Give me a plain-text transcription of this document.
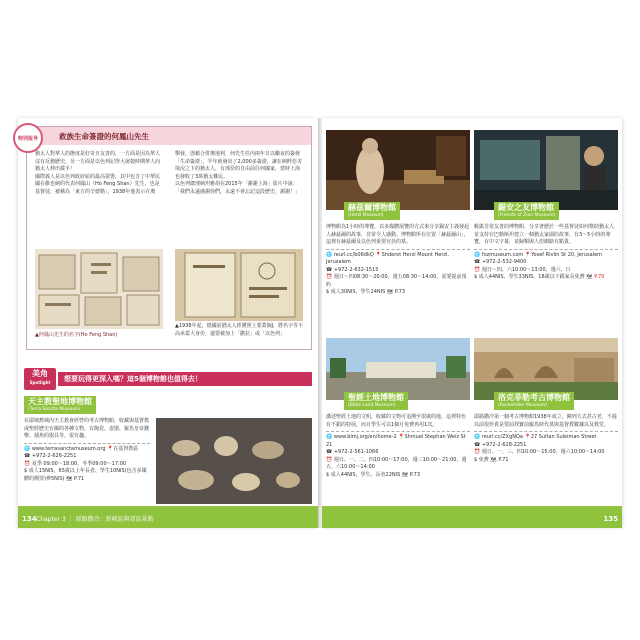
特别报导	救族生命簽證的何鳳山先生
猶太人對華人的態度是好奇且友善的，一方面是因為華人沒有反猶歷史，另一方面是以色列記得大屠殺時期華人向猶太人伸出援手！
國際義人是以色列政府給的最高榮譽，其中包含了中華民國在維也納的代表何鳳山（Ho Feng Shan）先生，也是基督徒，被稱為「東方的辛德勒」，1938年他表示在奧
擊發，憑藉合併奧地利，何先生任內兩年日以繼夜的簽發「生命簽證」，半年就發出了2,000多簽證，讓在納粹惡劣境況之下的猶太人，有部份的自由前往何國家，當時上海也發收了3萬猶太難民。
以色列總理納坦雅胡在2015年「謝謝上海」影片中說：「我們永遠感謝你們，永遠不會忘記這段歷史，謝謝！」
▲何鳳山先生的名字(Ho Feng Shan)
▲1938年起，德國前猶太人經護照上要蓋個J，將名字等不高承蓋大身份，還要被加上「撒拉」或「以色列」
美角
Spotlight	想要玩得更深入嗎？這5個博物館也值得去！
天主教聖地博物館
(Terra Sancta Museum)
在耶城舊城內天主教會經營的考古博物館，收藏與基督教或聖經歷史有關的各種文物，有陶瓷、壺器、羅馬皇帝錢幣、捕魚的器具等，很有趣。
🌐 www.terrasanctamuseum.org 📍在基督教區
☎ +972-2-626-2251
⏰ 夏季 09:00～18:00、冬季09:00～17:00
$ 成人15NIS，65歲以上年長者、學生10NIS(包含多媒體的價票)參5NIS) 🗺 P.71
134 Chapter 3 ｜ 耶路撒冷：新城區與郊區景點
赫茲爾博物館
(Herzl Museum)
博物館為1小時的導覽，以多媒體展覽的方式來分享錫安主義發起人赫茲爾的故事，非常令人感動。博物館所在位置「赫茲爾山」，這裡有赫茲爾及以色列重要官員的墓。
🌐 reurl.cc/b06dkQ 📍Shderot Herzl Mount Herzl, Jerusalem
☎ +972-2-632-1515
⏰ 週日～四08:30～20:00，週五08:30～14:00，需要提前預約
$ 成人30NIS，學生24NIS 🗺 P.73
錫安之友博物館
(Friends of Zion Museum)
帆凱非常友善的博物館，分享著歷於一些基督徒如何幫助猶太人並支持在巴勒斯坦建立一個猶太家園的故事，有3～5小時的導覽，有中文字幕，並歸類與人但網路有點貴。
🌐 fozmuseum.com 📍Yosef Rivlin St 20, Jerusalem
☎ +972-2-532-9400
⏰ 週日～四、六10:00～13:00，週六、日
$ 成人44NIS，學生33NIS、18歲以下跟家長免費 🗺 P.70
聖經土地博物館
(Bible Land Museum)
講述聖經土地的文明，收藏的文物可追溯至很廣的地，這裡特色有不錯的特展，而且學生可以1個月免費再用1次。
🌐 www.blmj.org/en/home-2 📍Shmuel Stephan Weiz St 21
☎ +972-2-561-1066
⏰ 週日、一、二、四10:00～17:00，週三10:00～21:00，週五、六10:00～14:00
$ 成人44NIS，學生、長者22NIS 🗺 P.73
洛克菲勒考古博物館
(Rockefeller Museum)
耶路撒冷第一個考古博物館1938年成立，陳列方式甚古老，不過以前很珍貴是要前找寶前羅馬時代墓與基督教數據以及教堂。
🌐 reurl.cc/ZXgNQa 📍27 Sultan Suleiman Street
☎ +972-2-628-2251
⏰ 週日、一、三、四10:00～15:00，週六10:00～14:00
$ 免費 🗺 P.71
135
